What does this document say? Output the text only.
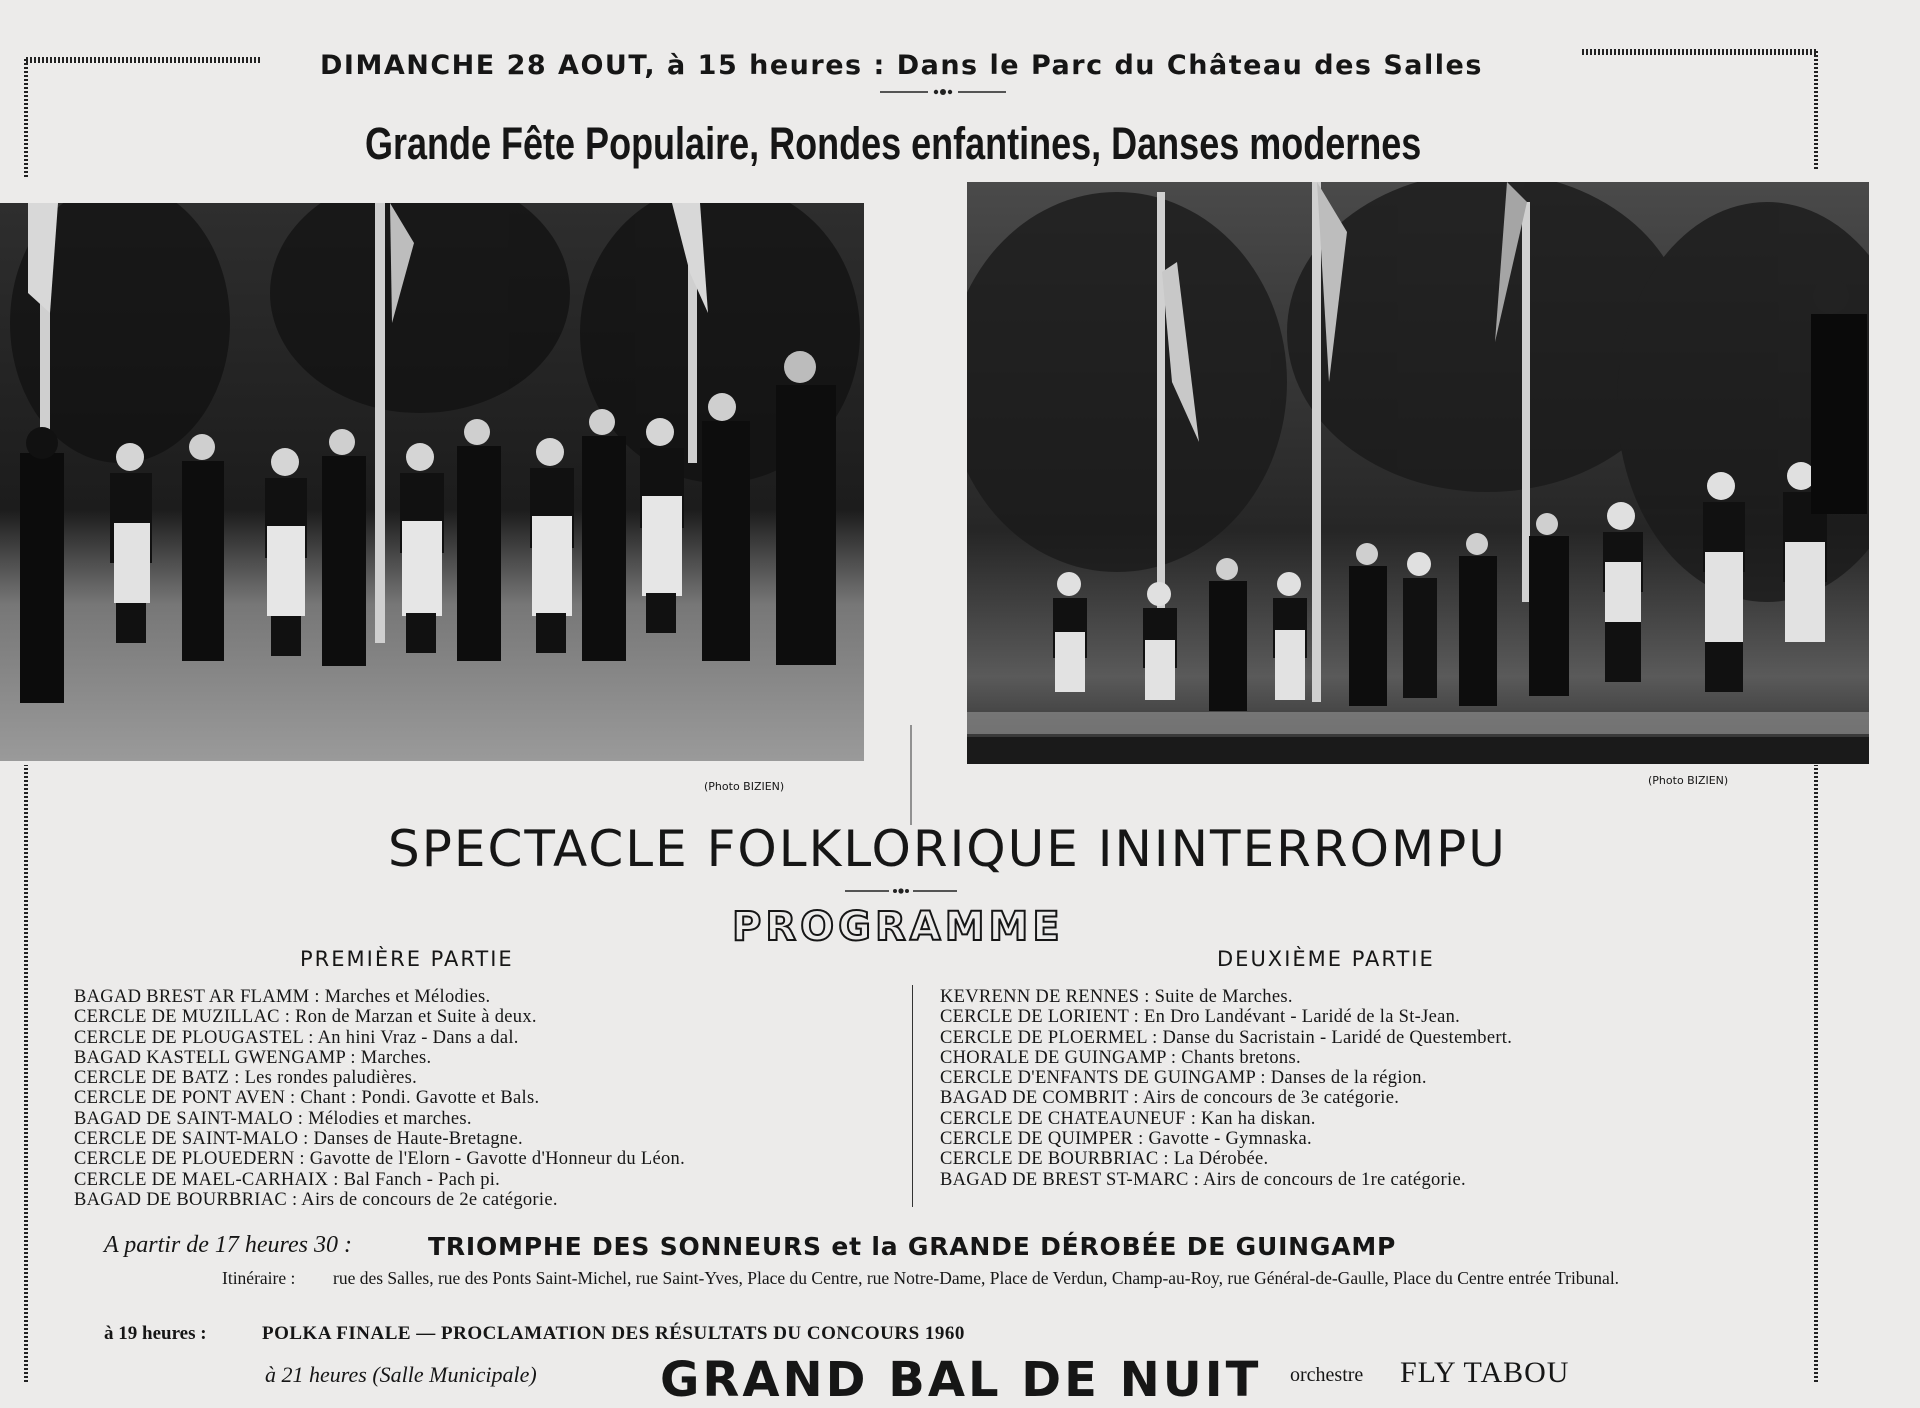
DIMANCHE 28 AOUT, à 15 heures : Dans le Parc du Château des Salles
Grande Fête Populaire, Rondes enfantines, Danses modernes
(Photo BIZIEN)	(Photo BIZIEN)
SPECTACLE FOLKLORIQUE ININTERROMPU
PROGRAMME
PREMIÈRE PARTIE	DEUXIÈME PARTIE
BAGAD BREST AR FLAMM : Marches et Mélodies.
CERCLE DE MUZILLAC : Ron de Marzan et Suite à deux.
CERCLE DE PLOUGASTEL : An hini Vraz - Dans a dal.
BAGAD KASTELL GWENGAMP : Marches.
CERCLE DE BATZ : Les rondes paludières.
CERCLE DE PONT AVEN : Chant : Pondi. Gavotte et Bals.
BAGAD DE SAINT-MALO : Mélodies et marches.
CERCLE DE SAINT-MALO : Danses de Haute-Bretagne.
CERCLE DE PLOUEDERN : Gavotte de l'Elorn - Gavotte d'Honneur du Léon.
CERCLE DE MAEL-CARHAIX : Bal Fanch - Pach pi.
BAGAD DE BOURBRIAC : Airs de concours de 2e catégorie.
KEVRENN DE RENNES : Suite de Marches.
CERCLE DE LORIENT : En Dro Landévant - Laridé de la St-Jean.
CERCLE DE PLOERMEL : Danse du Sacristain - Laridé de Questembert.
CHORALE DE GUINGAMP : Chants bretons.
CERCLE D'ENFANTS DE GUINGAMP : Danses de la région.
BAGAD DE COMBRIT : Airs de concours de 3e catégorie.
CERCLE DE CHATEAUNEUF : Kan ha diskan.
CERCLE DE QUIMPER : Gavotte - Gymnaska.
CERCLE DE BOURBRIAC : La Dérobée.
BAGAD DE BREST ST-MARC : Airs de concours de 1re catégorie.
A partir de 17 heures 30 :	TRIOMPHE DES SONNEURS et la GRANDE DÉROBÉE DE GUINGAMP
Itinéraire : rue des Salles, rue des Ponts Saint-Michel, rue Saint-Yves, Place du Centre, rue Notre-Dame, Place de Verdun, Champ-au-Roy, rue Général-de-Gaulle, Place du Centre entrée Tribunal.
à 19 heures :	POLKA FINALE — PROCLAMATION DES RÉSULTATS DU CONCOURS 1960
à 21 heures (Salle Municipale)	GRAND BAL DE NUIT orchestre FLY TABOU
